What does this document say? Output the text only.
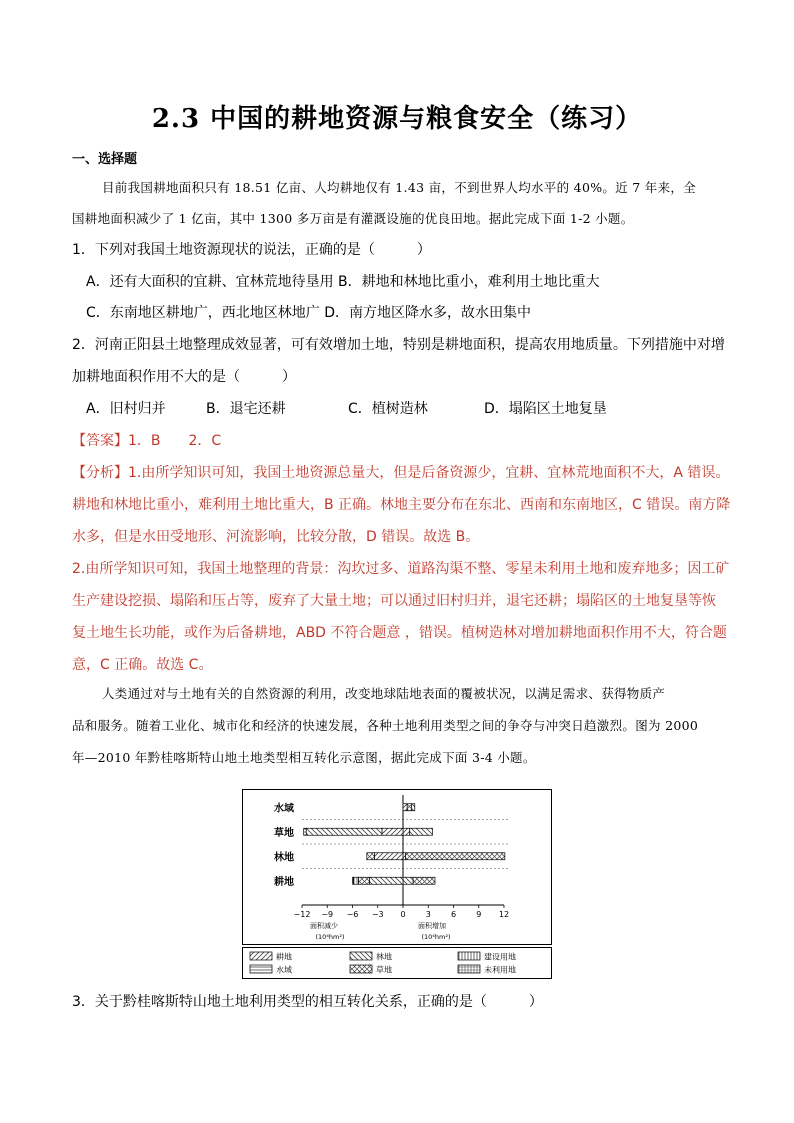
2.3 中国的耕地资源与粮食安全（练习）
一、选择题
目前我国耕地面积只有 18.51 亿亩、人均耕地仅有 1.43 亩，不到世界人均水平的 40%。近 7 年来，全
国耕地面积减少了 1 亿亩，其中 1300 多万亩是有灌溉设施的优良田地。据此完成下面 1-2 小题。
1．下列对我国土地资源现状的说法，正确的是（　　　）
A．还有大面积的宜耕、宜林荒地待垦用 B．耕地和林地比重小，难利用土地比重大
C．东南地区耕地广，西北地区林地广 D．南方地区降水多，故水田集中
2．河南正阳县土地整理成效显著，可有效增加土地，特别是耕地面积，提高农用地质量。下列措施中对增
加耕地面积作用不大的是（　　　）
A．旧村归并	B．退宅还耕	C．植树造林	D．塌陷区土地复垦
【答案】1．B　　2．C
【分析】1.由所学知识可知，我国土地资源总量大，但是后备资源少，宜耕、宜林荒地面积不大，A 错误。
耕地和林地比重小，难利用土地比重大，B 正确。林地主要分布在东北、西南和东南地区，C 错误。南方降
水多，但是水田受地形、河流影响，比较分散，D 错误。故选 B。
2.由所学知识可知，我国土地整理的背景：沟坎过多、道路沟渠不整、零星未利用土地和废弃地多；因工矿
生产建设挖损、塌陷和压占等，废弃了大量土地；可以通过旧村归并，退宅还耕；塌陷区的土地复垦等恢
复土地生长功能，或作为后备耕地，ABD 不符合题意 ，错误。植树造林对增加耕地面积作用不大，符合题
意，C 正确。故选 C。
人类通过对与土地有关的自然资源的利用，改变地球陆地表面的覆被状况，以满足需求、获得物质产
品和服务。随着工业化、城市化和经济的快速发展，各种土地利用类型之间的争夺与冲突日趋激烈。图为 2000
年—2010 年黔桂喀斯特山地土地类型相互转化示意图，据此完成下面 3-4 小题。
水域
草地
林地
耕地
−12 −9 −6 −3 0	3	6	9 12
面积减少	面积增加
(10⁴hm²)	(10⁴hm²)
耕地	林地	建设用地
水域	草地	未利用地
3．关于黔桂喀斯特山地土地利用类型的相互转化关系，正确的是（　　　）
